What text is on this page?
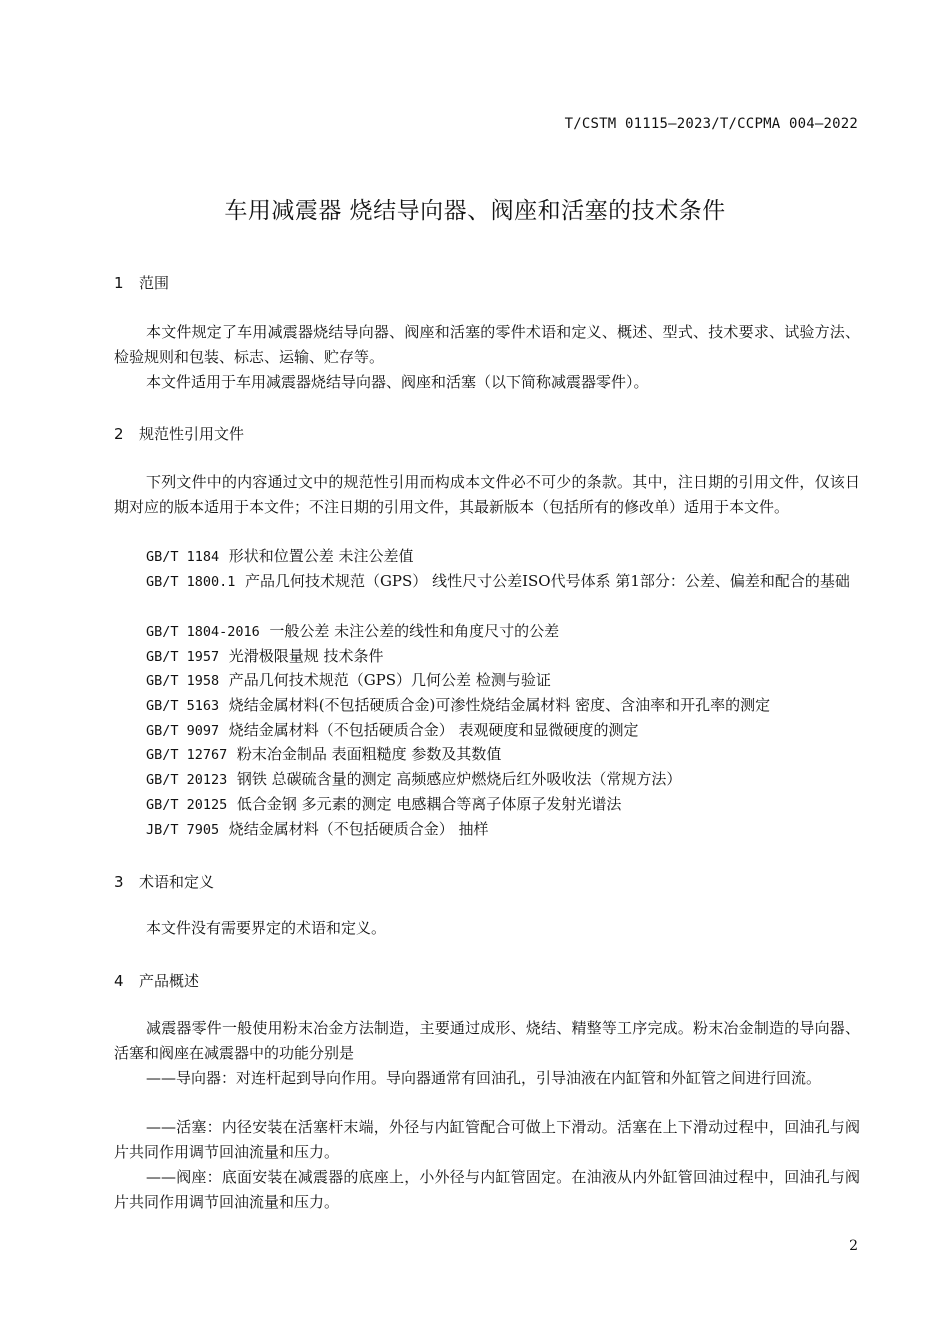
T/CSTM 01115—2023/T/CCPMA 004—2022
车用减震器 烧结导向器、阀座和活塞的技术条件
1 范围
本文件规定了车用减震器烧结导向器、阀座和活塞的零件术语和定义、概述、型式、技术要求、试验方法、检验规则和包装、标志、运输、贮存等。
本文件适用于车用减震器烧结导向器、阀座和活塞（以下简称减震器零件）。
2 规范性引用文件
下列文件中的内容通过文中的规范性引用而构成本文件必不可少的条款。其中，注日期的引用文件，仅该日期对应的版本适用于本文件；不注日期的引用文件，其最新版本（包括所有的修改单）适用于本文件。
GB/T 1184 形状和位置公差 未注公差值
GB/T 1800.1 产品几何技术规范（GPS） 线性尺寸公差ISO代号体系 第1部分：公差、偏差和配合的基础
GB/T 1804-2016 一般公差 未注公差的线性和角度尺寸的公差
GB/T 1957 光滑极限量规 技术条件
GB/T 1958 产品几何技术规范（GPS）几何公差 检测与验证
GB/T 5163 烧结金属材料(不包括硬质合金)可渗性烧结金属材料 密度、含油率和开孔率的测定
GB/T 9097 烧结金属材料（不包括硬质合金） 表观硬度和显微硬度的测定
GB/T 12767 粉末冶金制品 表面粗糙度 参数及其数值
GB/T 20123 钢铁 总碳硫含量的测定 高频感应炉燃烧后红外吸收法（常规方法）
GB/T 20125 低合金钢 多元素的测定 电感耦合等离子体原子发射光谱法
JB/T 7905 烧结金属材料（不包括硬质合金） 抽样
3 术语和定义
本文件没有需要界定的术语和定义。
4 产品概述
减震器零件一般使用粉末冶金方法制造，主要通过成形、烧结、精整等工序完成。粉末冶金制造的导向器、活塞和阀座在减震器中的功能分别是
——导向器：对连杆起到导向作用。导向器通常有回油孔，引导油液在内缸管和外缸管之间进行回流。
——活塞：内径安装在活塞杆末端，外径与内缸管配合可做上下滑动。活塞在上下滑动过程中，回油孔与阀片共同作用调节回油流量和压力。
——阀座：底面安装在减震器的底座上，小外径与内缸管固定。在油液从内外缸管回油过程中，回油孔与阀片共同作用调节回油流量和压力。
2
